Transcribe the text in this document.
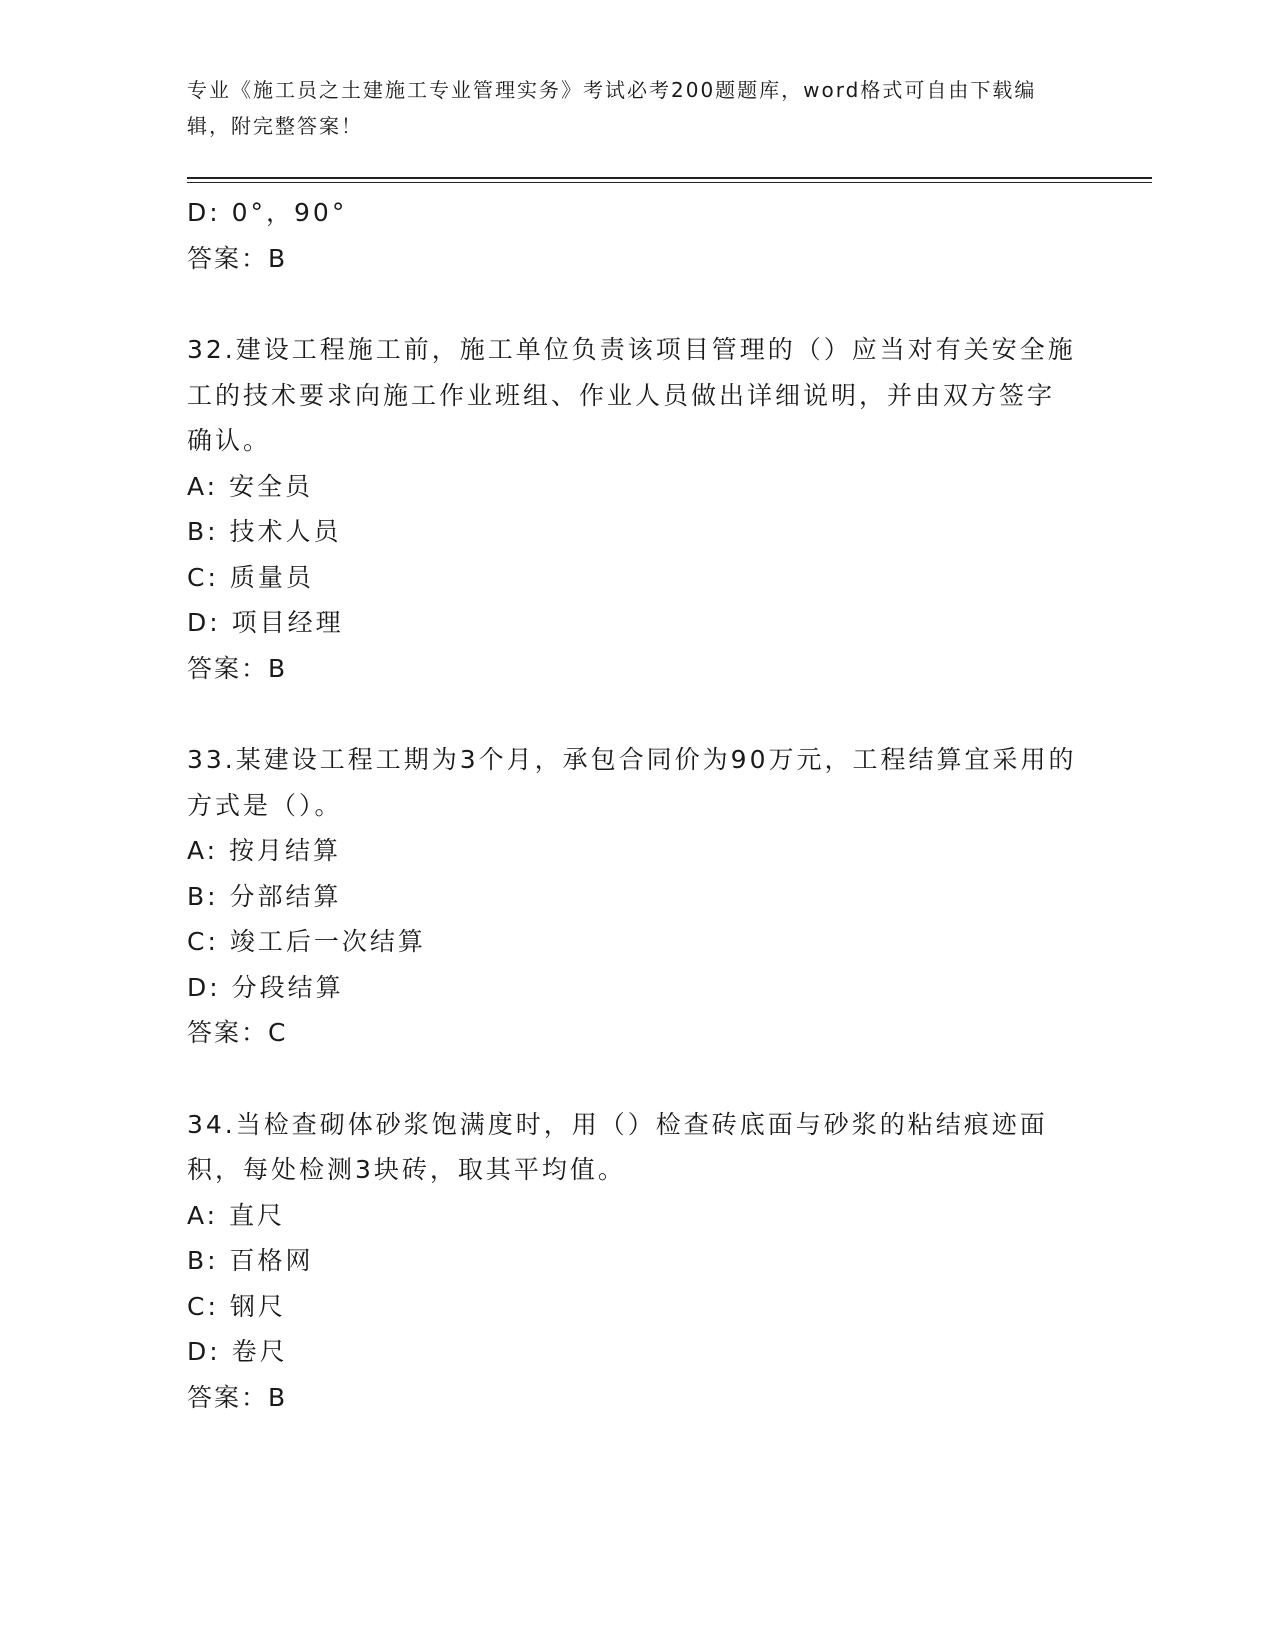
专业《施工员之土建施工专业管理实务》考试必考200题题库，word格式可自由下载编辑，附完整答案！
D: 0°，90°
答案：B
32.建设工程施工前，施工单位负责该项目管理的（）应当对有关安全施工的技术要求向施工作业班组、作业人员做出详细说明，并由双方签字确认。
A: 安全员
B: 技术人员
C: 质量员
D: 项目经理
答案：B
33.某建设工程工期为3个月，承包合同价为90万元，工程结算宜采用的方式是（）。
A: 按月结算
B: 分部结算
C: 竣工后一次结算
D: 分段结算
答案：C
34.当检查砌体砂浆饱满度时，用（）检查砖底面与砂浆的粘结痕迹面积，每处检测3块砖，取其平均值。
A: 直尺
B: 百格网
C: 钢尺
D: 卷尺
答案：B
